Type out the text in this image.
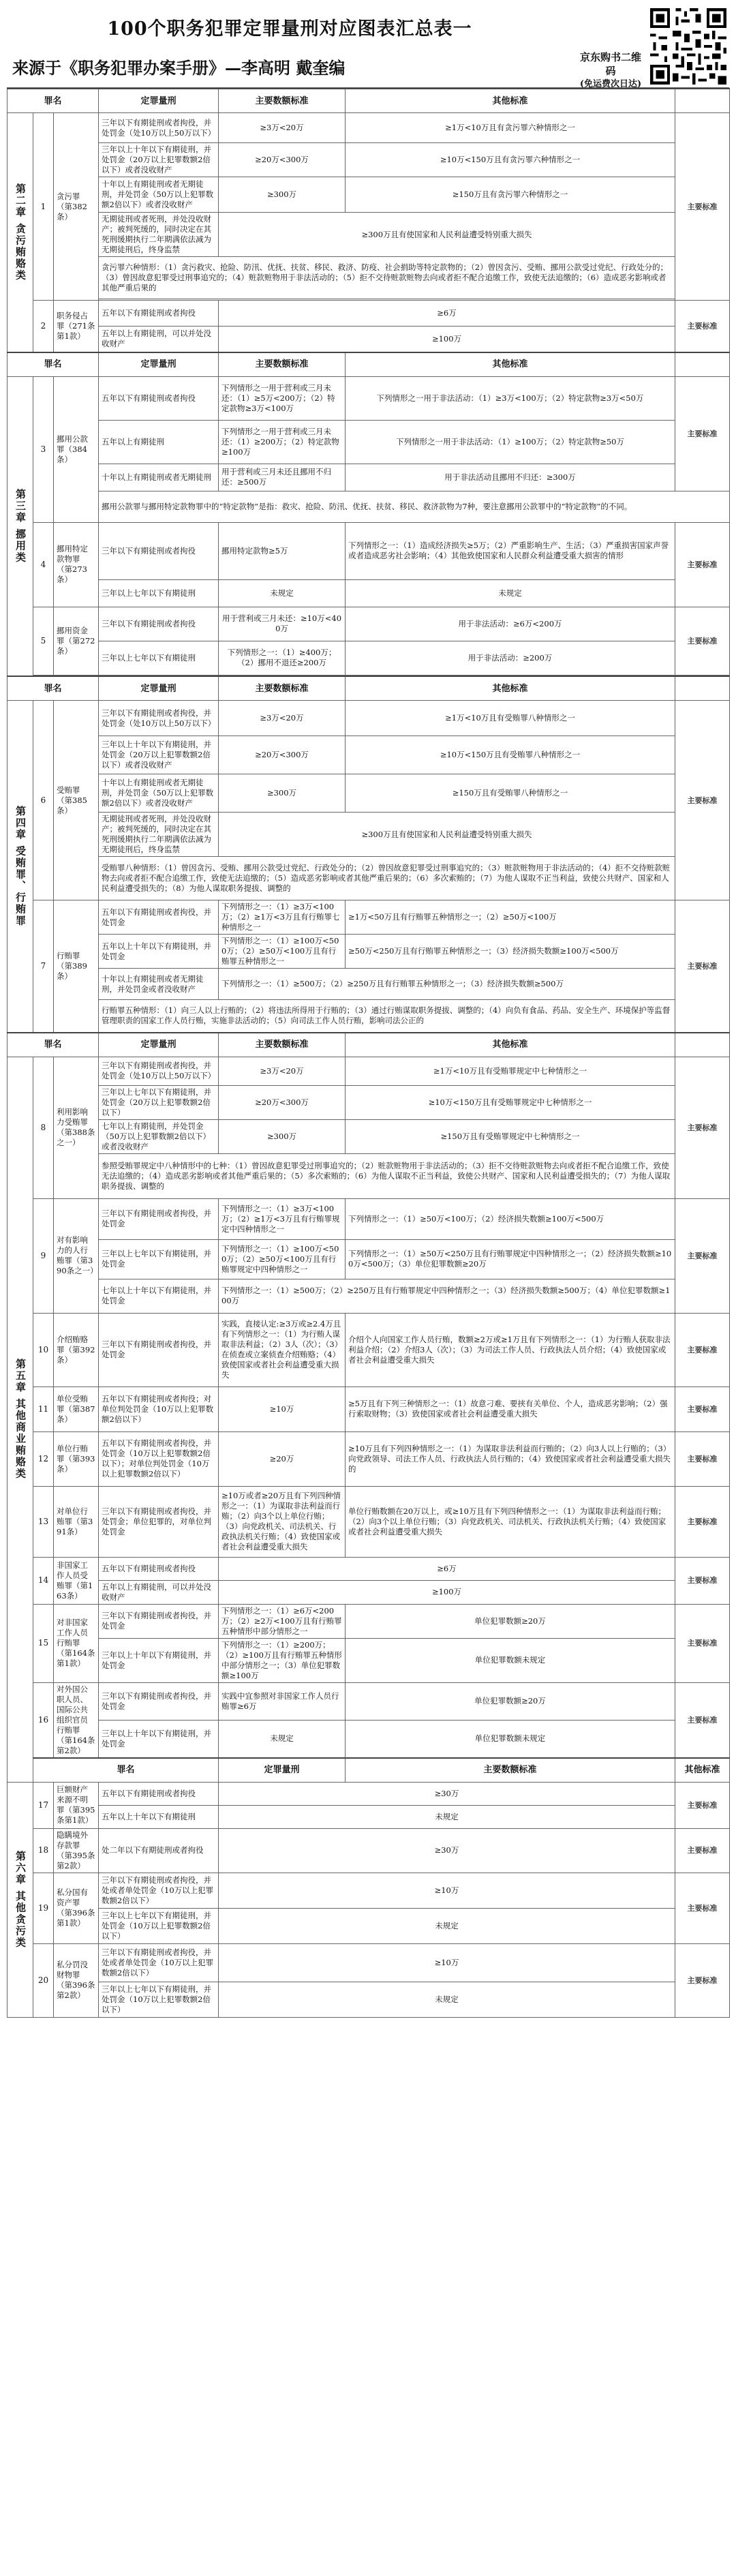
100个职务犯罪定罪量刑对应图表汇总表一
来源于《职务犯罪办案手册》—李高明 戴奎编
京东购书二维码
(免运费次日达)
罪名			定罪量刑	主要数额标准	其他标准		
第二章 贪污贿赂类	1	贪污罪（第382条）	三年以下有期徒刑或者拘役，并处罚金（处10万以上50万以下）	≥3万<20万	≥1万<10万且有贪污罪六种情形之一	主要标准	
			三年以上十年以下有期徒刑，并处罚金（20万以上犯罪数额2倍以下）或者没收财产	≥20万<300万	≥10万<150万且有贪污罪六种情形之一		
			十年以上有期徒刑或者无期徒刑，并处罚金（50万以上犯罪数额2倍以下）或者没收财产	≥300万	≥150万且有贪污罪六种情形之一		
			无期徒刑或者死刑，并处没收财产；被判死缓的，同时决定在其死刑缓期执行二年期满依法减为无期徒刑后，终身监禁	≥300万且有使国家和人民利益遭受特别重大损失			
			贪污罪六种情形：（1）贪污救灾、抢险、防汛、优抚、扶贫、移民、救济、防疫、社会捐助等特定款物的；（2）曾因贪污、受贿、挪用公款受过党纪、行政处分的；（3）曾因故意犯罪受过刑事追究的；（4）赃款赃物用于非法活动的；（5）拒不交待赃款赃物去向或者拒不配合追缴工作，致使无法追缴的；（6）造成恶劣影响或者其他严重后果的				

	2	职务侵占罪（271条第1款）	五年以下有期徒刑或者拘役	≥6万		主要标准	
			五年以上有期徒刑，可以并处没收财产	≥100万			
罪名			定罪量刑	主要数额标准	其他标准		
第三章 挪用类	3	挪用公款罪（384条）	五年以下有期徒刑或者拘役	下列情形之一用于营利或三月未还：（1）≥5万<200万；（2）特定款物≥3万<100万	下列情形之一用于非法活动：（1）≥3万<100万；（2）特定款物≥3万<50万	主要标准	
			五年以上有期徒刑	下列情形之一用于营利或三月未还：（1）≥200万；（2）特定款物≥100万	下列情形之一用于非法活动：（1）≥100万；（2）特定款物≥50万		
			十年以上有期徒刑或者无期徒刑	用于营利或三月未还且挪用不归还：≥500万	用于非法活动且挪用不归还：≥300万		
			挪用公款罪与挪用特定款物罪中的“特定款物”是指：救灾、抢险、防汛、优抚、扶贫、移民、救济款物为7种，要注意挪用公款罪中的“特定款物”的不同。				
	4	挪用特定款物罪（第273条）	三年以下有期徒刑或者拘役	挪用特定款物≥5万	下列情形之一：（1）造成经济损失≥5万；（2）严重影响生产、生活；（3）严重损害国家声誉或者造成恶劣社会影响；（4）其他致使国家和人民群众利益遭受重大损害的情形	主要标准	
			三年以上七年以下有期徒刑	未规定	未规定		
	5	挪用资金罪（第272条）	三年以下有期徒刑或者拘役	用于营利或三月未还：≥10万<400万	用于非法活动：≥6万<200万	主要标准	
			三年以上七年以下有期徒刑	下列情形之一：（1）≥400万；（2）挪用不退还≥200万	用于非法活动：≥200万		

罪名			定罪量刑	主要数额标准	其他标准		
第四章 受贿罪、行贿罪	6	受贿罪（第385条）	三年以下有期徒刑或者拘役，并处罚金（处10万以上50万以下）	≥3万<20万	≥1万<10万且有受贿罪八种情形之一	主要标准	
			三年以上十年以下有期徒刑，并处罚金（20万以上犯罪数额2倍以下）或者没收财产	≥20万<300万	≥10万<150万且有受贿罪八种情形之一		
			十年以上有期徒刑或者无期徒刑，并处罚金（50万以上犯罪数额2倍以下）或者没收财产	≥300万	≥150万且有受贿罪八种情形之一		
			无期徒刑或者死刑，并处没收财产；被判死缓的，同时决定在其死刑缓期执行二年期满依法减为无期徒刑后，终身监禁	≥300万且有使国家和人民利益遭受特别重大损失			
			受贿罪八种情形：（1）曾因贪污、受贿、挪用公款受过党纪、行政处分的；（2）曾因故意犯罪受过刑事追究的；（3）赃款赃物用于非法活动的；（4）拒不交待赃款赃物去向或者拒不配合追缴工作，致使无法追缴的；（5）造成恶劣影响或者其他严重后果的；（6）多次索贿的；（7）为他人谋取不正当利益，致使公共财产、国家和人民利益遭受损失的；（8）为他人谋取职务提拔、调整的				
	7	行贿罪（第389条）	五年以下有期徒刑或者拘役，并处罚金	下列情形之一：（1）≥3万<100万；（2）≥1万<3万且有行贿罪七种情形之一	≥1万<50万且有行贿罪五种情形之一；（2）≥50万<100万	主要标准	
			五年以上十年以下有期徒刑，并处罚金	下列情形之一：（1）≥100万<500万；（2）≥50万<100万且有行贿罪五种情形之一	≥50万<250万且有行贿罪五种情形之一；（3）经济损失数额≥100万<500万		
			十年以上有期徒刑或者无期徒刑，并处罚金或者没收财产	下列情形之一：（1）≥500万；（2）≥250万且有行贿罪五种情形之一；（3）经济损失数额≥500万			
			行贿罪五种情形：（1）向三人以上行贿的；（2）将违法所得用于行贿的；（3）通过行贿谋取职务提拔、调整的；（4）向负有食品、药品、安全生产、环境保护等监督管理职责的国家工作人员行贿，实施非法活动的；（5）向司法工作人员行贿，影响司法公正的				
罪名			定罪量刑	主要数额标准	其他标准		
第五章 其他商业贿赂类	8	利用影响力受贿罪（第388条之一）	三年以下有期徒刑或者拘役，并处罚金（处10万以上50万以下）	≥3万<20万	≥1万<10万且有受贿罪规定中七种情形之一	主要标准	
			三年以上七年以下有期徒刑，并处罚金（20万以上犯罪数额2倍以下）	≥20万<300万	≥10万<150万且有受贿罪规定中七种情形之一		
			七年以上有期徒刑，并处罚金（50万以上犯罪数额2倍以下）或者没收财产	≥300万	≥150万且有受贿罪规定中七种情形之一		
			参照受贿罪规定中八种情形中的七种：（1）曾因故意犯罪受过刑事追究的；（2）赃款赃物用于非法活动的；（3）拒不交待赃款赃物去向或者拒不配合追缴工作，致使无法追缴的；（4）造成恶劣影响或者其他严重后果的；（5）多次索贿的；（6）为他人谋取不正当利益，致使公共财产、国家和人民利益遭受损失的；（7）为他人谋取职务提拔、调整的				
	9	对有影响力的人行贿罪（第390条之一）	三年以下有期徒刑或者拘役，并处罚金	下列情形之一：（1）≥3万<100万；（2）≥1万<3万且有行贿罪规定中四种情形之一	下列情形之一：（1）≥50万<100万；（2）经济损失数额≥100万<500万	主要标准	
			三年以上七年以下有期徒刑，并处罚金	下列情形之一：（1）≥100万<500万；（2）≥50万<100万且有行贿罪规定中四种情形之一	下列情形之一：（1）≥50万<250万且有行贿罪规定中四种情形之一；（2）经济损失数额≥100万<500万；（3）单位犯罪数额≥20万		
			七年以上十年以下有期徒刑，并处罚金	下列情形之一：（1）≥500万；（2）≥250万且有行贿罪规定中四种情形之一；（3）经济损失数额≥500万；（4）单位犯罪数额≥100万			
	10	介绍贿赂罪（第392条）	三年以下有期徒刑或者拘役，并处罚金	实践，直接认定:≥3万或≥2.4万且有下列情形之一：（1）为行贿人谋取非法利益；（2）3人（次）；（3）在侦查或立案侦查介绍贿赂；（4）致使国家或者社会利益遭受重大损失	介绍个人向国家工作人员行贿，数额≥2万或≥1万且有下列情形之一：（1）为行贿人获取非法利益介绍；（2）介绍3人（次）；（3）为司法工作人员、行政执法人员介绍；（4）致使国家或者社会利益遭受重大损失	主要标准	
	11	单位受贿罪（第387条）	五年以下有期徒刑或者拘役；对单位判处罚金（10万以上犯罪数额2倍以下）	≥10万	≥5万且有下列三种情形之一：（1）故意刁难、要挟有关单位、个人，造成恶劣影响；（2）强行索取财物；（3）致使国家或者社会利益遭受重大损失	主要标准	
	12	单位行贿罪（第393条）	五年以下有期徒刑或者拘役，并处罚金（10万以上犯罪数额2倍以下）；对单位判处罚金（10万以上犯罪数额2倍以下）	≥20万	≥10万且有下列四种情形之一：（1）为谋取非法利益而行贿的；（2）向3人以上行贿的；（3）向党政领导、司法工作人员、行政执法人员行贿的；（4）致使国家或者社会利益遭受重大损失的	主要标准	
	13	对单位行贿罪（第391条）	三年以下有期徒刑或者拘役，并处罚金；单位犯罪的，对单位判处罚金	≥10万或者≥20万且有下列四种情形之一：（1）为谋取非法利益而行贿；（2）向3个以上单位行贿；（3）向党政机关、司法机关、行政执法机关行贿；（4）致使国家或者社会利益遭受重大损失	单位行贿数额在20万以上，或≥10万且有下列四种情形之一：（1）为谋取非法利益而行贿；（2）向3个以上单位行贿；（3）向党政机关、司法机关、行政执法机关行贿；（4）致使国家或者社会利益遭受重大损失	主要标准	
	14	非国家工作人员受贿罪（第163条）	五年以下有期徒刑或者拘役	≥6万		主要标准	
			五年以上有期徒刑，可以并处没收财产	≥100万			
	15	对非国家工作人员行贿罪（第164条第1款）	三年以下有期徒刑或者拘役，并处罚金	下列情形之一：（1）≥6万<200万；（2）≥2万<100万且有行贿罪五种情形中部分情形之一	单位犯罪数额≥20万	主要标准	
			三年以上十年以下有期徒刑，并处罚金	下列情形之一：（1）≥200万；（2）≥100万且有行贿罪五种情形中部分情形之一；（3）单位犯罪数额≥100万	单位犯罪数额未规定		
	16	对外国公职人员、国际公共组织官员行贿罪（第164条第2款）	三年以下有期徒刑或者拘役，并处罚金	实践中宜参照对非国家工作人员行贿罪≥6万	单位犯罪数额≥20万	主要标准	
			三年以上十年以下有期徒刑，并处罚金	未规定	单位犯罪数额未规定		
	罪名			定罪量刑	主要数额标准	其他标准	
第六章 其他贪污类	17	巨额财产来源不明罪（第395条第1款）	五年以下有期徒刑或者拘役	≥30万		主要标准	
			五年以上十年以下有期徒刑	未规定			
	18	隐瞒境外存款罪（第395条第2款）	处二年以下有期徒刑或者拘役	≥30万		主要标准	
	19	私分国有资产罪（第396条第1款）	三年以下有期徒刑或者拘役，并处或者单处罚金（10万以上犯罪数额2倍以下）	≥10万		主要标准	
			三年以上七年以下有期徒刑，并处罚金（10万以上犯罪数额2倍以下）	未规定			
	20	私分罚没财物罪（第396条第2款）	三年以下有期徒刑或者拘役，并处或者单处罚金（10万以上犯罪数额2倍以下）	≥10万		主要标准	
			三年以上七年以下有期徒刑，并处罚金（10万以上犯罪数额2倍以下）	未规定			
